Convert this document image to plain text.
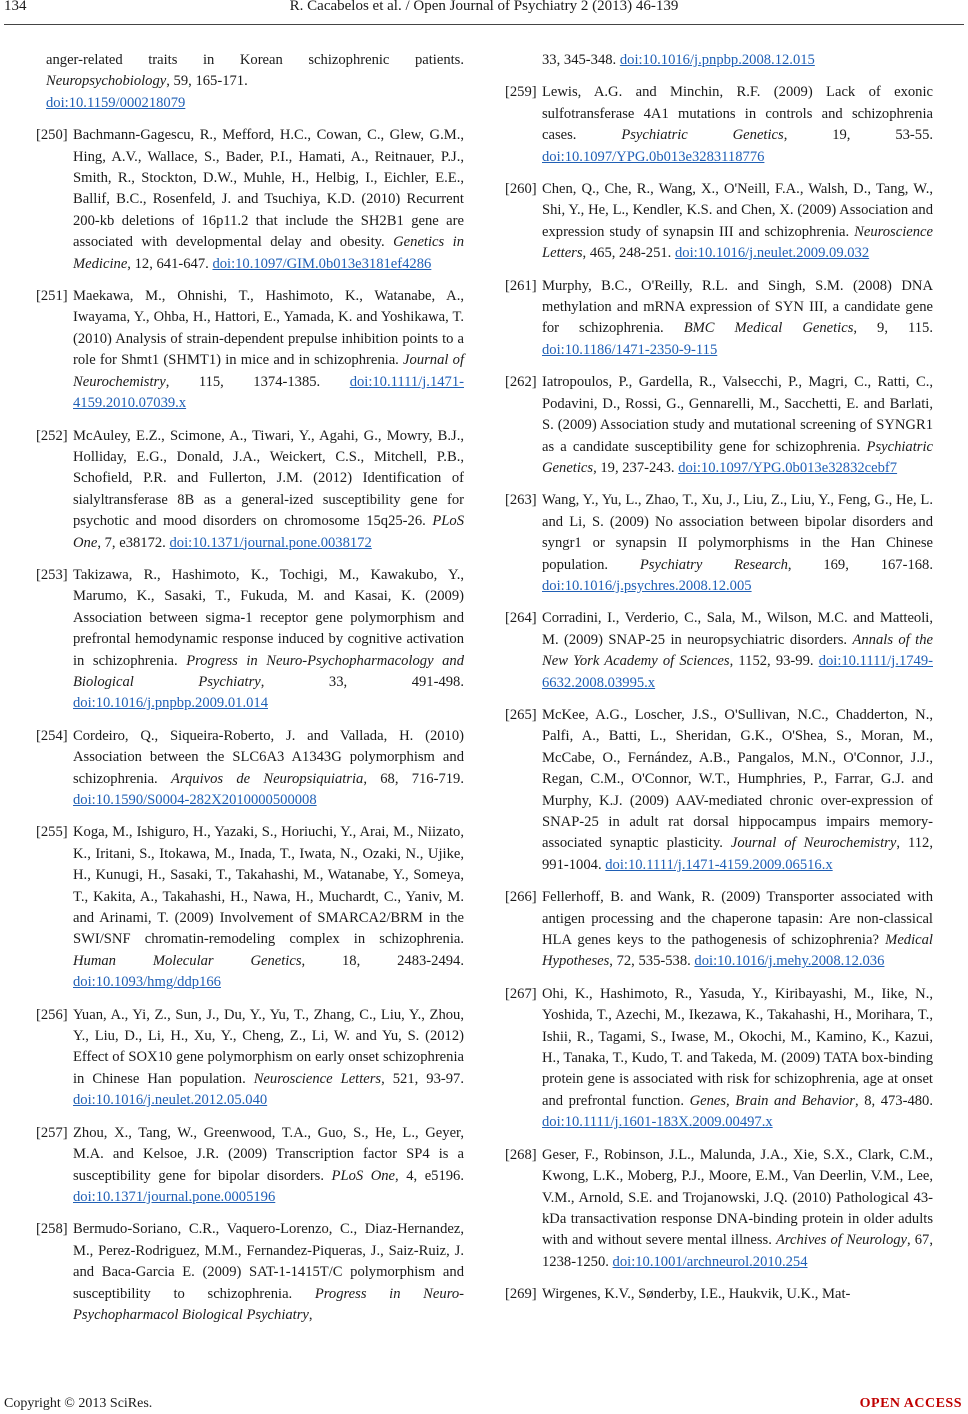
134	R. Cacabelos et al. / Open Journal of Psychiatry 2 (2013) 46-139
anger-related traits in Korean schizophrenic patients. Neuropsychobiology, 59, 165-171.
doi:10.1159/000218079
[250] Bachmann-Gagescu, R., Mefford, H.C., Cowan, C., Glew, G.M., Hing, A.V., Wallace, S., Bader, P.I., Hamati, A., Reitnauer, P.J., Smith, R., Stockton, D.W., Muhle, H., Helbig, I., Eichler, E.E., Ballif, B.C., Rosenfeld, J. and Tsuchiya, K.D. (2010) Recurrent 200-kb deletions of 16p11.2 that include the SH2B1 gene are associated with developmental delay and obesity. Genetics in Medicine, 12, 641-647. doi:10.1097/GIM.0b013e3181ef4286
[251] Maekawa, M., Ohnishi, T., Hashimoto, K., Watanabe, A., Iwayama, Y., Ohba, H., Hattori, E., Yamada, K. and Yoshikawa, T. (2010) Analysis of strain-dependent prepulse inhibition points to a role for Shmt1 (SHMT1) in mice and in schizophrenia. Journal of Neurochemistry, 115, 1374-1385. doi:10.1111/j.1471-4159.2010.07039.x
[252] McAuley, E.Z., Scimone, A., Tiwari, Y., Agahi, G., Mowry, B.J., Holliday, E.G., Donald, J.A., Weickert, C.S., Mitchell, P.B., Schofield, P.R. and Fullerton, J.M. (2012) Identification of sialyltransferase 8B as a general-ized susceptibility gene for psychotic and mood disorders on chromosome 15q25-26. PLoS One, 7, e38172. doi:10.1371/journal.pone.0038172
[253] Takizawa, R., Hashimoto, K., Tochigi, M., Kawakubo, Y., Marumo, K., Sasaki, T., Fukuda, M. and Kasai, K. (2009) Association between sigma-1 receptor gene polymorphism and prefrontal hemodynamic response induced by cognitive activation in schizophrenia. Progress in Neuro-Psychopharmacology and Biological Psychiatry, 33, 491-498. doi:10.1016/j.pnpbp.2009.01.014
[254] Cordeiro, Q., Siqueira-Roberto, J. and Vallada, H. (2010) Association between the SLC6A3 A1343G polymorphism and schizophrenia. Arquivos de Neuropsiquiatria, 68, 716-719. doi:10.1590/S0004-282X2010000500008
[255] Koga, M., Ishiguro, H., Yazaki, S., Horiuchi, Y., Arai, M., Niizato, K., Iritani, S., Itokawa, M., Inada, T., Iwata, N., Ozaki, N., Ujike, H., Kunugi, H., Sasaki, T., Takahashi, M., Watanabe, Y., Someya, T., Kakita, A., Takahashi, H., Nawa, H., Muchardt, C., Yaniv, M. and Arinami, T. (2009) Involvement of SMARCA2/BRM in the SWI/SNF chromatin-remodeling complex in schizophrenia. Human Molecular Genetics, 18, 2483-2494. doi:10.1093/hmg/ddp166
[256] Yuan, A., Yi, Z., Sun, J., Du, Y., Yu, T., Zhang, C., Liu, Y., Zhou, Y., Liu, D., Li, H., Xu, Y., Cheng, Z., Li, W. and Yu, S. (2012) Effect of SOX10 gene polymorphism on early onset schizophrenia in Chinese Han population. Neuroscience Letters, 521, 93-97. doi:10.1016/j.neulet.2012.05.040
[257] Zhou, X., Tang, W., Greenwood, T.A., Guo, S., He, L., Geyer, M.A. and Kelsoe, J.R. (2009) Transcription factor SP4 is a susceptibility gene for bipolar disorders. PLoS One, 4, e5196. doi:10.1371/journal.pone.0005196
[258] Bermudo-Soriano, C.R., Vaquero-Lorenzo, C., Diaz-Hernandez, M., Perez-Rodriguez, M.M., Fernandez-Piqueras, J., Saiz-Ruiz, J. and Baca-Garcia E. (2009) SAT-1-1415T/C polymorphism and susceptibility to schizophrenia. Progress in Neuro-Psychopharmacol Biological Psychiatry,
33, 345-348. doi:10.1016/j.pnpbp.2008.12.015
[259] Lewis, A.G. and Minchin, R.F. (2009) Lack of exonic sulfotransferase 4A1 mutations in controls and schizophrenia cases. Psychiatric Genetics, 19, 53-55. doi:10.1097/YPG.0b013e3283118776
[260] Chen, Q., Che, R., Wang, X., O'Neill, F.A., Walsh, D., Tang, W., Shi, Y., He, L., Kendler, K.S. and Chen, X. (2009) Association and expression study of synapsin III and schizophrenia. Neuroscience Letters, 465, 248-251. doi:10.1016/j.neulet.2009.09.032
[261] Murphy, B.C., O'Reilly, R.L. and Singh, S.M. (2008) DNA methylation and mRNA expression of SYN III, a candidate gene for schizophrenia. BMC Medical Genetics, 9, 115. doi:10.1186/1471-2350-9-115
[262] Iatropoulos, P., Gardella, R., Valsecchi, P., Magri, C., Ratti, C., Podavini, D., Rossi, G., Gennarelli, M., Sacchetti, E. and Barlati, S. (2009) Association study and mutational screening of SYNGR1 as a candidate susceptibility gene for schizophrenia. Psychiatric Genetics, 19, 237-243. doi:10.1097/YPG.0b013e32832cebf7
[263] Wang, Y., Yu, L., Zhao, T., Xu, J., Liu, Z., Liu, Y., Feng, G., He, L. and Li, S. (2009) No association between bipolar disorders and syngr1 or synapsin II polymorphisms in the Han Chinese population. Psychiatry Research, 169, 167-168. doi:10.1016/j.psychres.2008.12.005
[264] Corradini, I., Verderio, C., Sala, M., Wilson, M.C. and Matteoli, M. (2009) SNAP-25 in neuropsychiatric disorders. Annals of the New York Academy of Sciences, 1152, 93-99. doi:10.1111/j.1749-6632.2008.03995.x
[265] McKee, A.G., Loscher, J.S., O'Sullivan, N.C., Chadderton, N., Palfi, A., Batti, L., Sheridan, G.K., O'Shea, S., Moran, M., McCabe, O., Fernández, A.B., Pangalos, M.N., O'Connor, J.J., Regan, C.M., O'Connor, W.T., Humphries, P., Farrar, G.J. and Murphy, K.J. (2009) AAV-mediated chronic over-expression of SNAP-25 in adult rat dorsal hippocampus impairs memory-associated synaptic plasticity. Journal of Neurochemistry, 112, 991-1004. doi:10.1111/j.1471-4159.2009.06516.x
[266] Fellerhoff, B. and Wank, R. (2009) Transporter associated with antigen processing and the chaperone tapasin: Are non-classical HLA genes keys to the pathogenesis of schizophrenia? Medical Hypotheses, 72, 535-538. doi:10.1016/j.mehy.2008.12.036
[267] Ohi, K., Hashimoto, R., Yasuda, Y., Kiribayashi, M., Iike, N., Yoshida, T., Azechi, M., Ikezawa, K., Takahashi, H., Morihara, T., Ishii, R., Tagami, S., Iwase, M., Okochi, M., Kamino, K., Kazui, H., Tanaka, T., Kudo, T. and Takeda, M. (2009) TATA box-binding protein gene is associated with risk for schizophrenia, age at onset and prefrontal function. Genes, Brain and Behavior, 8, 473-480. doi:10.1111/j.1601-183X.2009.00497.x
[268] Geser, F., Robinson, J.L., Malunda, J.A., Xie, S.X., Clark, C.M., Kwong, L.K., Moberg, P.J., Moore, E.M., Van Deerlin, V.M., Lee, V.M., Arnold, S.E. and Trojanowski, J.Q. (2010) Pathological 43-kDa transactivation response DNA-binding protein in older adults with and without severe mental illness. Archives of Neurology, 67, 1238-1250. doi:10.1001/archneurol.2010.254
[269] Wirgenes, K.V., Sønderby, I.E., Haukvik, U.K., Mat-
Copyright © 2013 SciRes.	OPEN ACCESS
